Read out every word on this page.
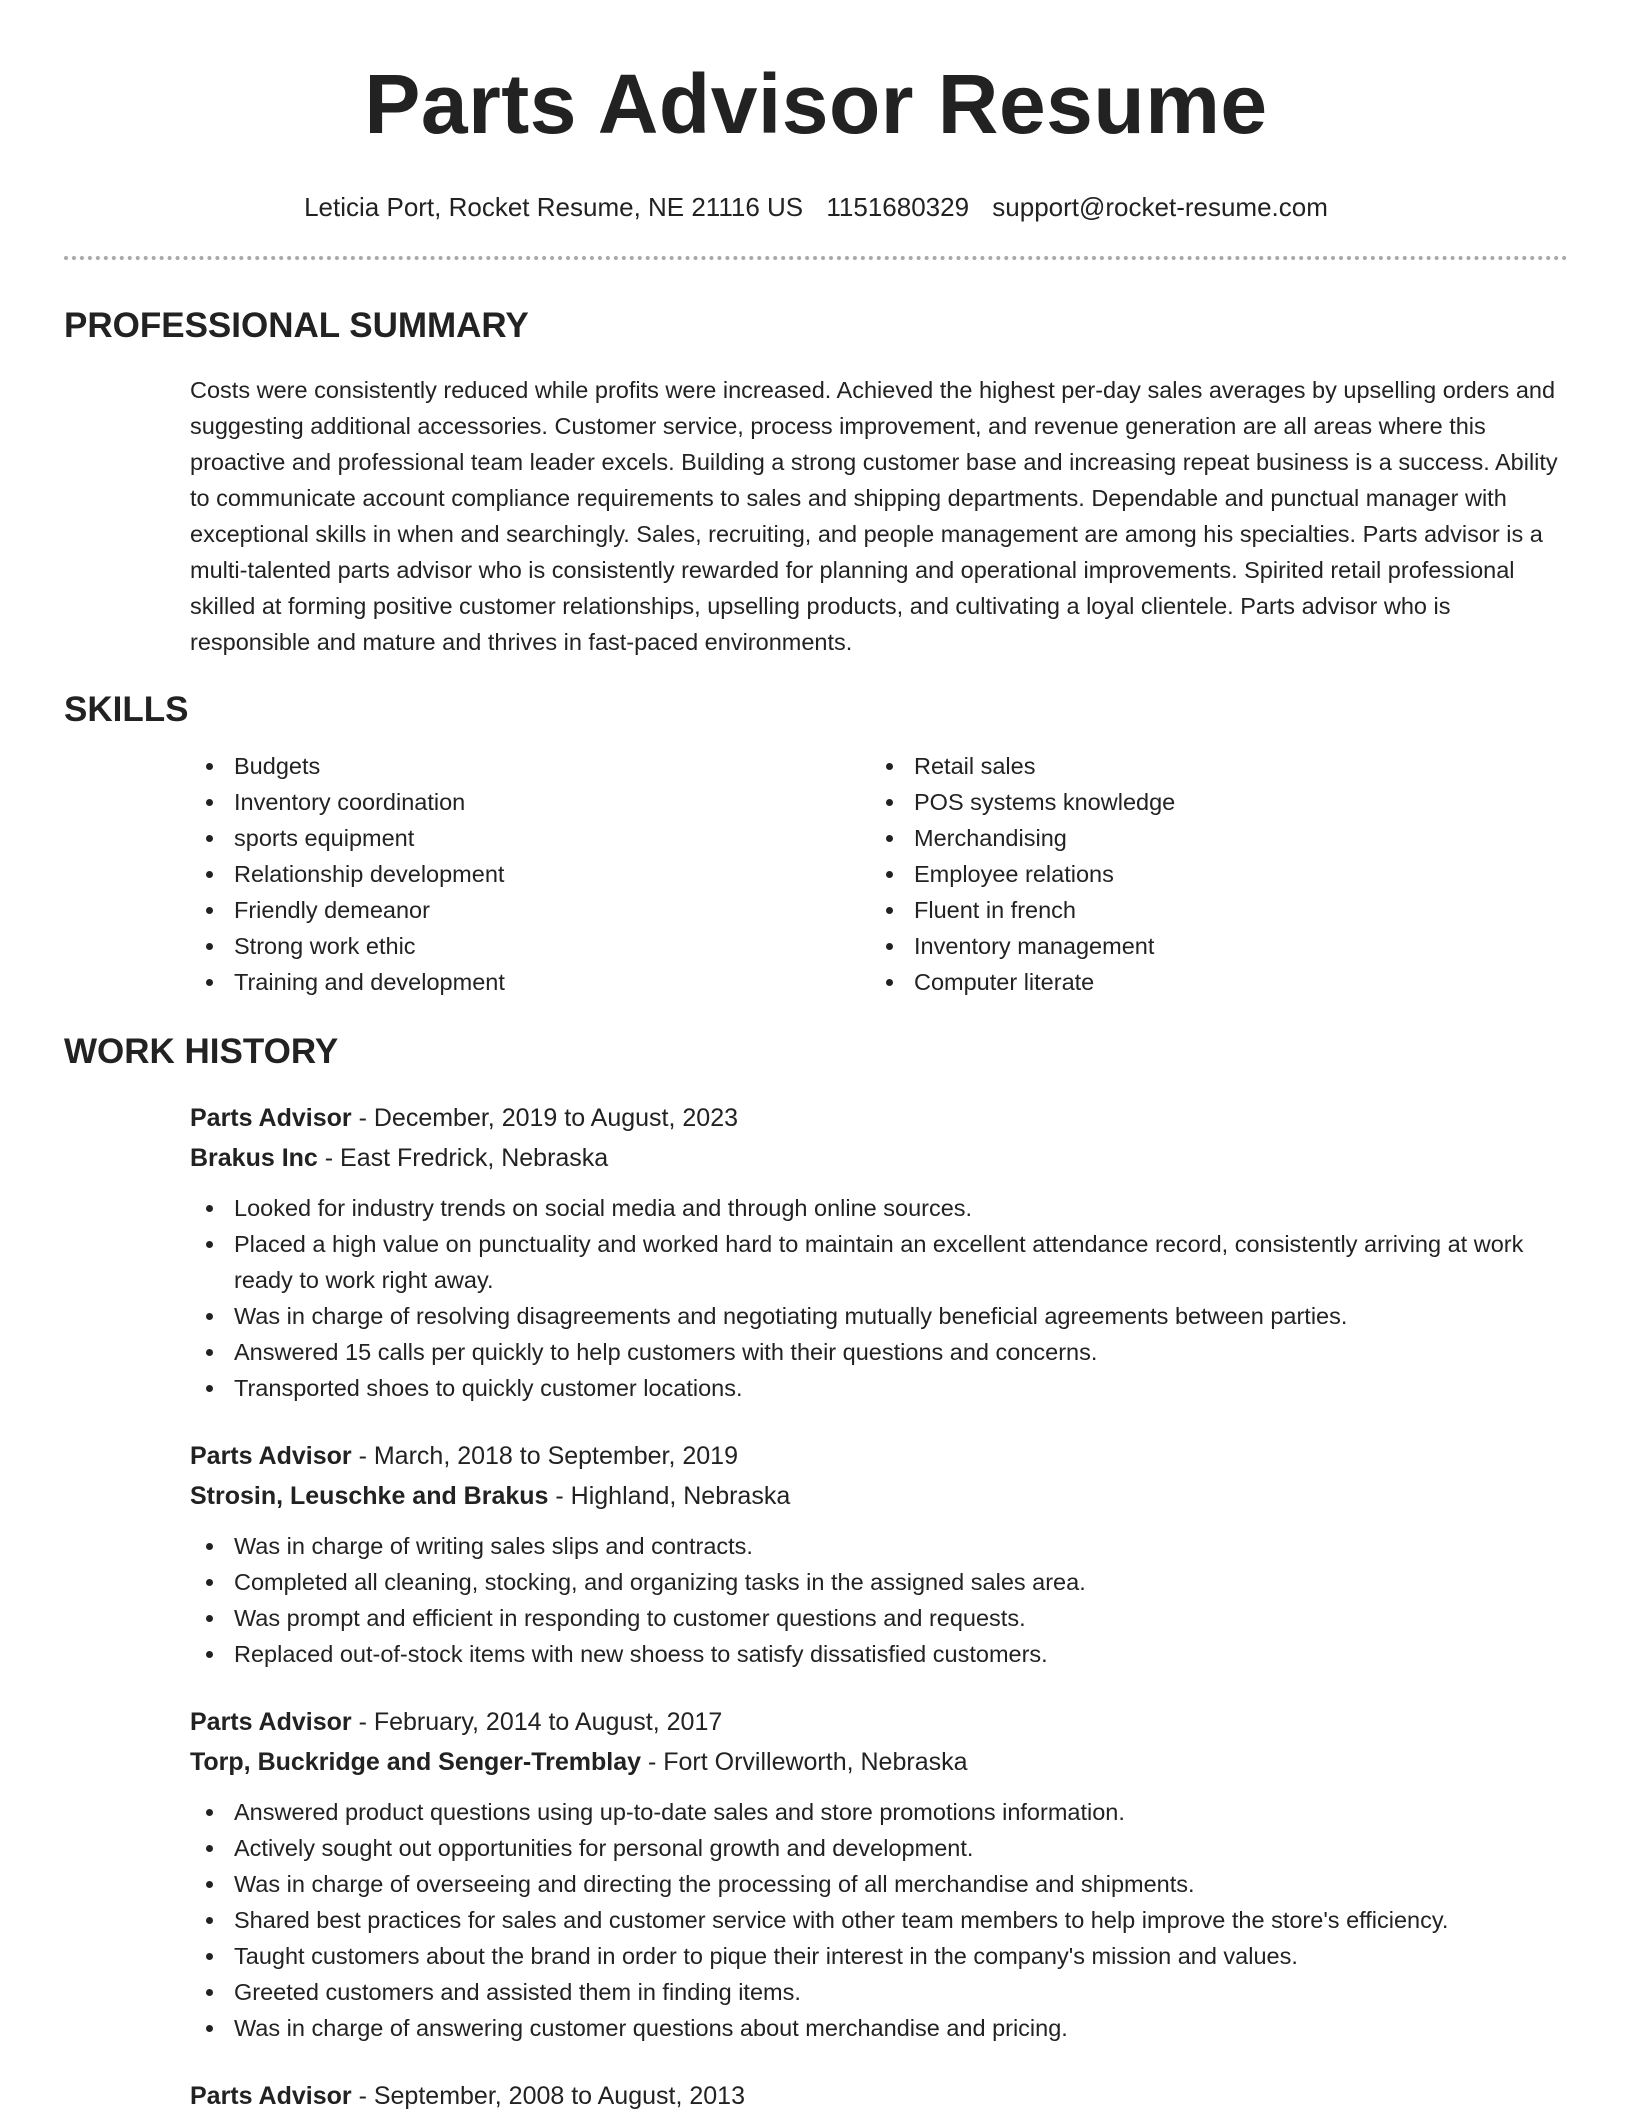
Parts Advisor Resume
Leticia Port, Rocket Resume, NE 21116 US 1151680329 support@rocket-resume.com
PROFESSIONAL SUMMARY

Costs were consistently reduced while profits were increased. Achieved the highest per-day sales averages by upselling orders and suggesting additional accessories. Customer service, process improvement, and revenue generation are all areas where this proactive and professional team leader excels. Building a strong customer base and increasing repeat business is a success. Ability to communicate account compliance requirements to sales and shipping departments. Dependable and punctual manager with exceptional skills in when and searchingly. Sales, recruiting, and people management are among his specialties. Parts advisor is a multi-talented parts advisor who is consistently rewarded for planning and operational improvements. Spirited retail professional skilled at forming positive customer relationships, upselling products, and cultivating a loyal clientele. Parts advisor who is responsible and mature and thrives in fast-paced environments.

SKILLS
Budgets
Inventory coordination
sports equipment
Relationship development
Friendly demeanor
Strong work ethic
Training and development
Retail sales
POS systems knowledge
Merchandising
Employee relations
Fluent in french
Inventory management
Computer literate
WORK HISTORY
Parts Advisor - December, 2019 to August, 2023
Brakus Inc - East Fredrick, Nebraska
Looked for industry trends on social media and through online sources.
Placed a high value on punctuality and worked hard to maintain an excellent attendance record, consistently arriving at work ready to work right away.
Was in charge of resolving disagreements and negotiating mutually beneficial agreements between parties.
Answered 15 calls per quickly to help customers with their questions and concerns.
Transported shoes to quickly customer locations.
Parts Advisor - March, 2018 to September, 2019
Strosin, Leuschke and Brakus - Highland, Nebraska
Was in charge of writing sales slips and contracts.
Completed all cleaning, stocking, and organizing tasks in the assigned sales area.
Was prompt and efficient in responding to customer questions and requests.
Replaced out-of-stock items with new shoess to satisfy dissatisfied customers.
Parts Advisor - February, 2014 to August, 2017
Torp, Buckridge and Senger-Tremblay - Fort Orvilleworth, Nebraska
Answered product questions using up-to-date sales and store promotions information.
Actively sought out opportunities for personal growth and development.
Was in charge of overseeing and directing the processing of all merchandise and shipments.
Shared best practices for sales and customer service with other team members to help improve the store's efficiency.
Taught customers about the brand in order to pique their interest in the company's mission and values.
Greeted customers and assisted them in finding items.
Was in charge of answering customer questions about merchandise and pricing.
Parts Advisor - September, 2008 to August, 2013
